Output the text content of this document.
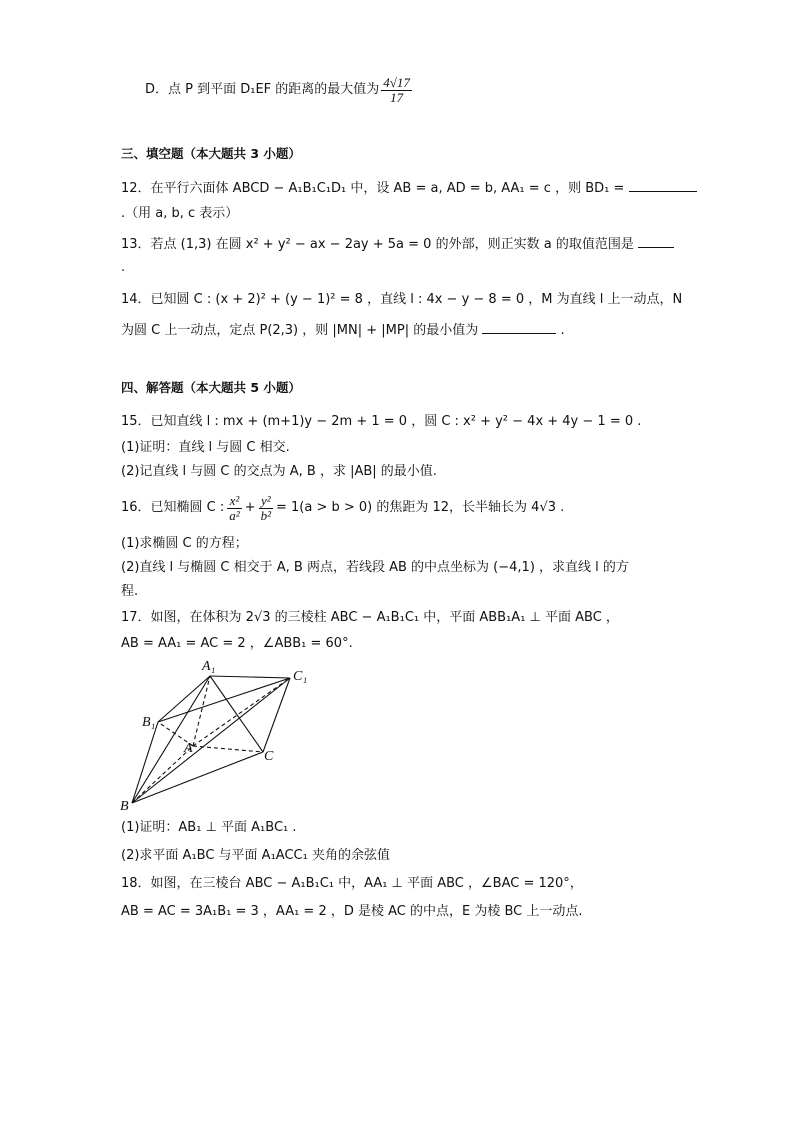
D．点 P 到平面 D₁EF 的距离的最大值为 $\frac{4√17}{17}$
三、填空题（本大题共 3 小题）
12．在平行六面体 ABCD − A₁B₁C₁D₁ 中，设 AB = a, AD = b, AA₁ = c ，则 BD₁ =
.（用 a, b, c 表示）
13．若点 (1,3) 在圆 x² + y² − ax − 2ay + 5a = 0 的外部，则正实数 a 的取值范围是
.
14．已知圆 C : (x + 2)² + (y − 1)² = 8 ，直线 l : 4x − y − 8 = 0 ，M 为直线 l 上一动点，N
为圆 C 上一动点，定点 P(2,3) ，则 |MN| + |MP| 的最小值为	.
四、解答题（本大题共 5 小题）
15．已知直线 l : mx + (m+1)y − 2m + 1 = 0 ，圆 C : x² + y² − 4x + 4y − 1 = 0 .
(1)证明：直线 l 与圆 C 相交.
(2)记直线 l 与圆 C 的交点为 A, B ，求 |AB| 的最小值.
16．已知椭圆 C : $\frac{\text{x²}}{\text{a²}} + \frac{\text{y²}}{\text{b²}} = 1(a > b > 0)$ 的焦距为 12，长半轴长为 4√3 .
(1)求椭圆 C 的方程；
(2)直线 l 与椭圆 C 相交于 A, B 两点，若线段 AB 的中点坐标为 (−4,1) ，求直线 l 的方
程.
17．如图，在体积为 2√3 的三棱柱 ABC − A₁B₁C₁ 中，平面 ABB₁A₁ ⊥ 平面 ABC ，
AB = AA₁ = AC = 2 ，∠ABB₁ = 60°.
A₁
C₁
B₁
A
C
B
(1)证明：AB₁ ⊥ 平面 A₁BC₁ .
(2)求平面 A₁BC 与平面 A₁ACC₁ 夹角的余弦值
18．如图，在三棱台 ABC − A₁B₁C₁ 中，AA₁ ⊥ 平面 ABC ，∠BAC = 120°，
AB = AC = 3A₁B₁ = 3 ，AA₁ = 2 ，D 是棱 AC 的中点，E 为棱 BC 上一动点.
